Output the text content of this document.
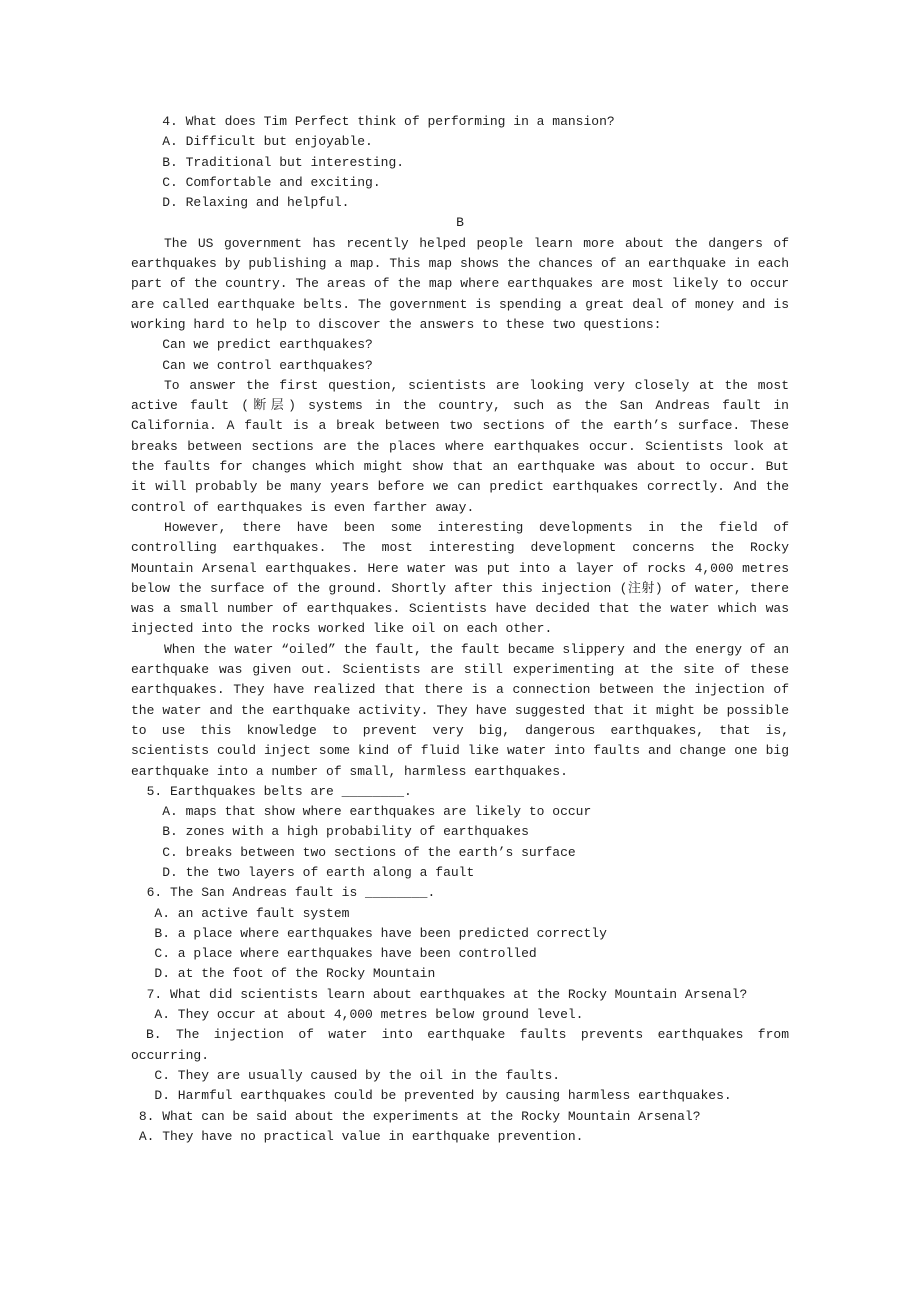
4. What does Tim Perfect think of performing in a mansion?
A. Difficult but enjoyable.
B. Traditional but interesting.
C. Comfortable and exciting.
D. Relaxing and helpful.
B
The US government has recently helped people learn more about the dangers of earthquakes by publishing a map. This map shows the chances of an earthquake in each part of the country. The areas of the map where earthquakes are most likely to occur are called earthquake belts. The government is spending a great deal of money and is working hard to help to discover the answers to these two questions:
Can we predict earthquakes?
Can we control earthquakes?
To answer the first question, scientists are looking very closely at the most active fault (断层) systems in the country, such as the San Andreas fault in California. A fault is a break between two sections of the earth’s surface. These breaks between sections are the places where earthquakes occur. Scientists look at the faults for changes which might show that an earthquake was about to occur. But it will probably be many years before we can predict earthquakes correctly. And the control of earthquakes is even farther away.
However, there have been some interesting developments in the field of controlling earthquakes. The most interesting development concerns the Rocky Mountain Arsenal earthquakes. Here water was put into a layer of rocks 4,000 metres below the surface of the ground. Shortly after this injection (注射) of water, there was a small number of earthquakes. Scientists have decided that the water which was injected into the rocks worked like oil on each other.
When the water “oiled” the fault, the fault became slippery and the energy of an earthquake was given out. Scientists are still experimenting at the site of these earthquakes. They have realized that there is a connection between the injection of the water and the earthquake activity. They have suggested that it might be possible to use this knowledge to prevent very big, dangerous earthquakes, that is, scientists could inject some kind of fluid like water into faults and change one big earthquake into a number of small, harmless earthquakes.
5. Earthquakes belts are ________.
A. maps that show where earthquakes are likely to occur
B. zones with a high probability of earthquakes
C. breaks between two sections of the earth’s surface
D. the two layers of earth along a fault
6. The San Andreas fault is ________.
A. an active fault system
B. a place where earthquakes have been predicted correctly
C. a place where earthquakes have been controlled
D. at the foot of the Rocky Mountain
7. What did scientists learn about earthquakes at the Rocky Mountain Arsenal?
A. They occur at about 4,000 metres below ground level.
B. The injection of water into earthquake faults prevents earthquakes from occurring.
C. They are usually caused by the oil in the faults.
D. Harmful earthquakes could be prevented by causing harmless earthquakes.
8. What can be said about the experiments at the Rocky Mountain Arsenal?
A. They have no practical value in earthquake prevention.
